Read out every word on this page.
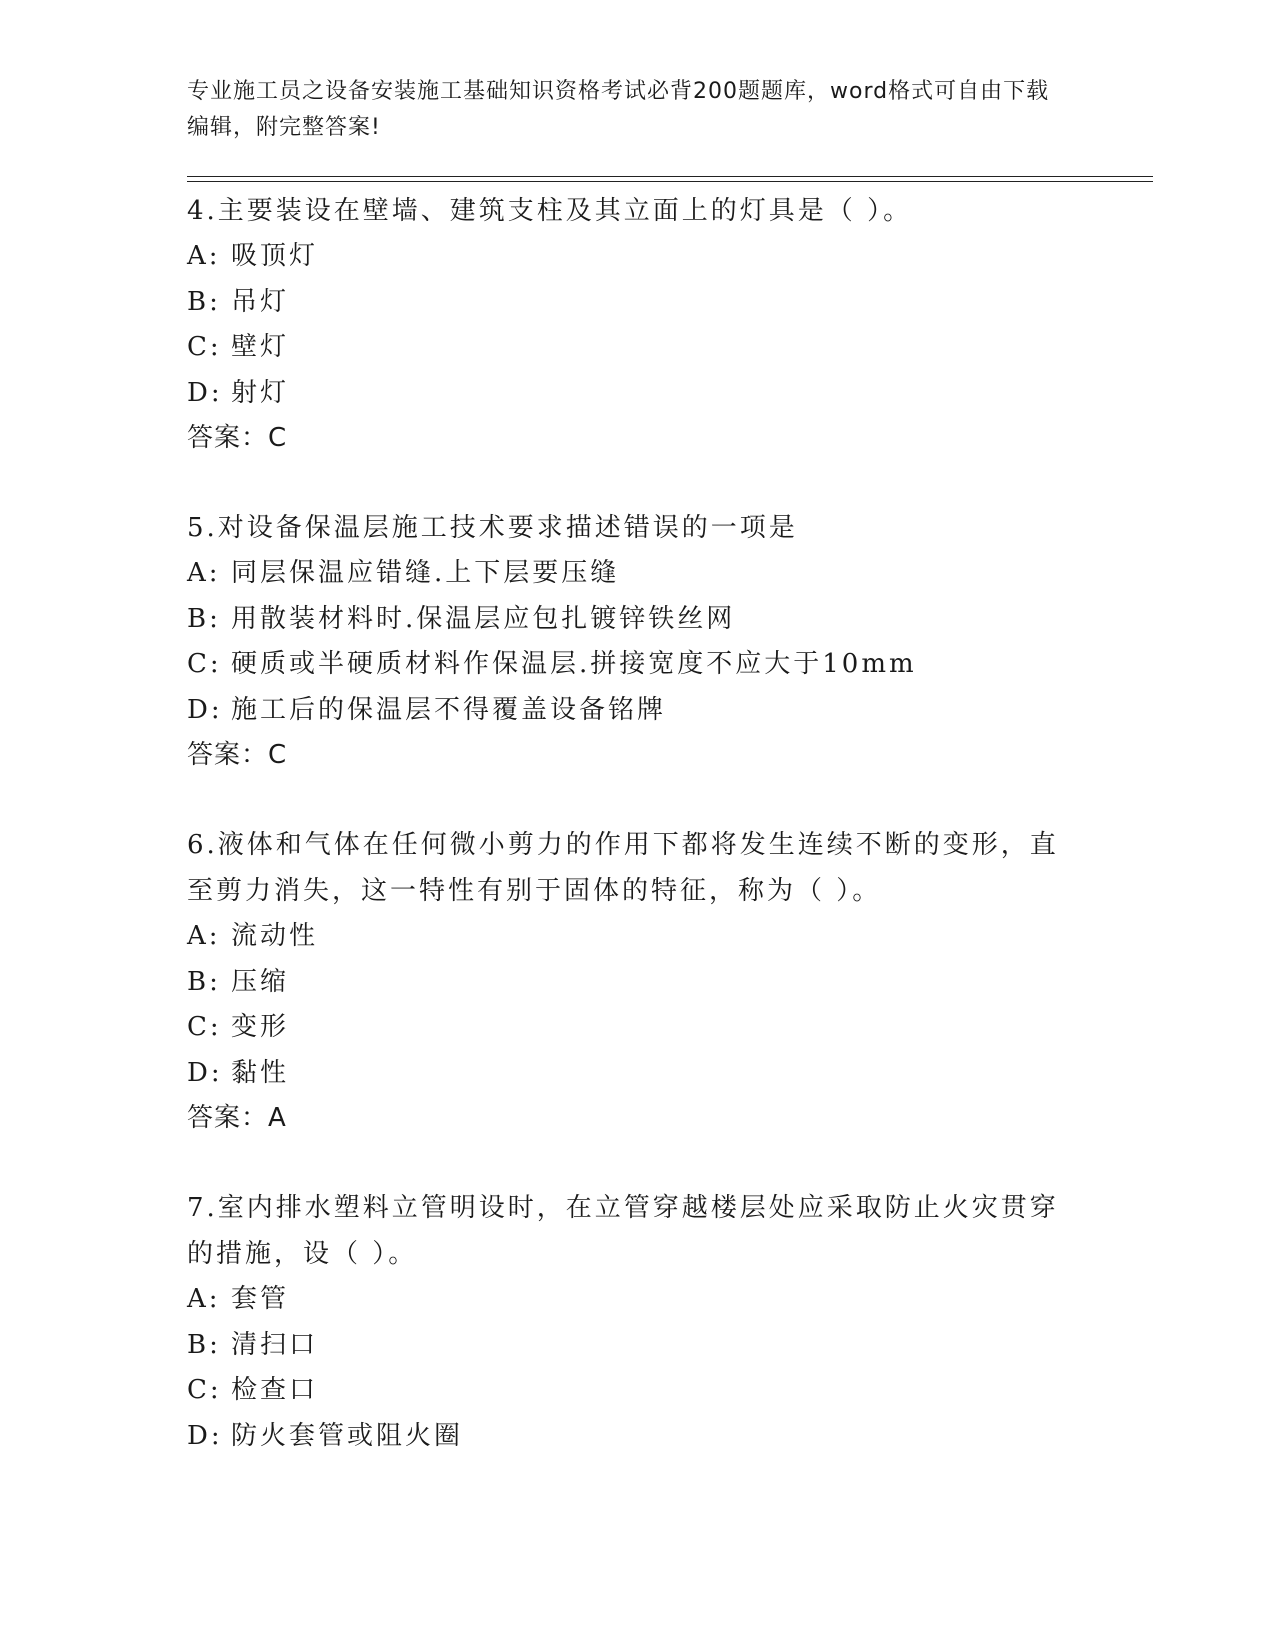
专业施工员之设备安装施工基础知识资格考试必背200题题库，word格式可自由下载编辑，附完整答案!

4.主要装设在壁墙、建筑支柱及其立面上的灯具是（ ）。

A: 吸顶灯

B: 吊灯

C: 壁灯

D: 射灯

答案：C

5.对设备保温层施工技术要求描述错误的一项是

A: 同层保温应错缝.上下层要压缝

B: 用散装材料时.保温层应包扎镀锌铁丝网

C: 硬质或半硬质材料作保温层.拼接宽度不应大于10mm

D: 施工后的保温层不得覆盖设备铭牌

答案：C

6.液体和气体在任何微小剪力的作用下都将发生连续不断的变形，直至剪力消失，这一特性有别于固体的特征，称为（ ）。

A: 流动性

B: 压缩

C: 变形

D: 黏性

答案：A

7.室内排水塑料立管明设时，在立管穿越楼层处应采取防止火灾贯穿的措施，设（ ）。

A: 套管

B: 清扫口

C: 检查口

D: 防火套管或阻火圈
